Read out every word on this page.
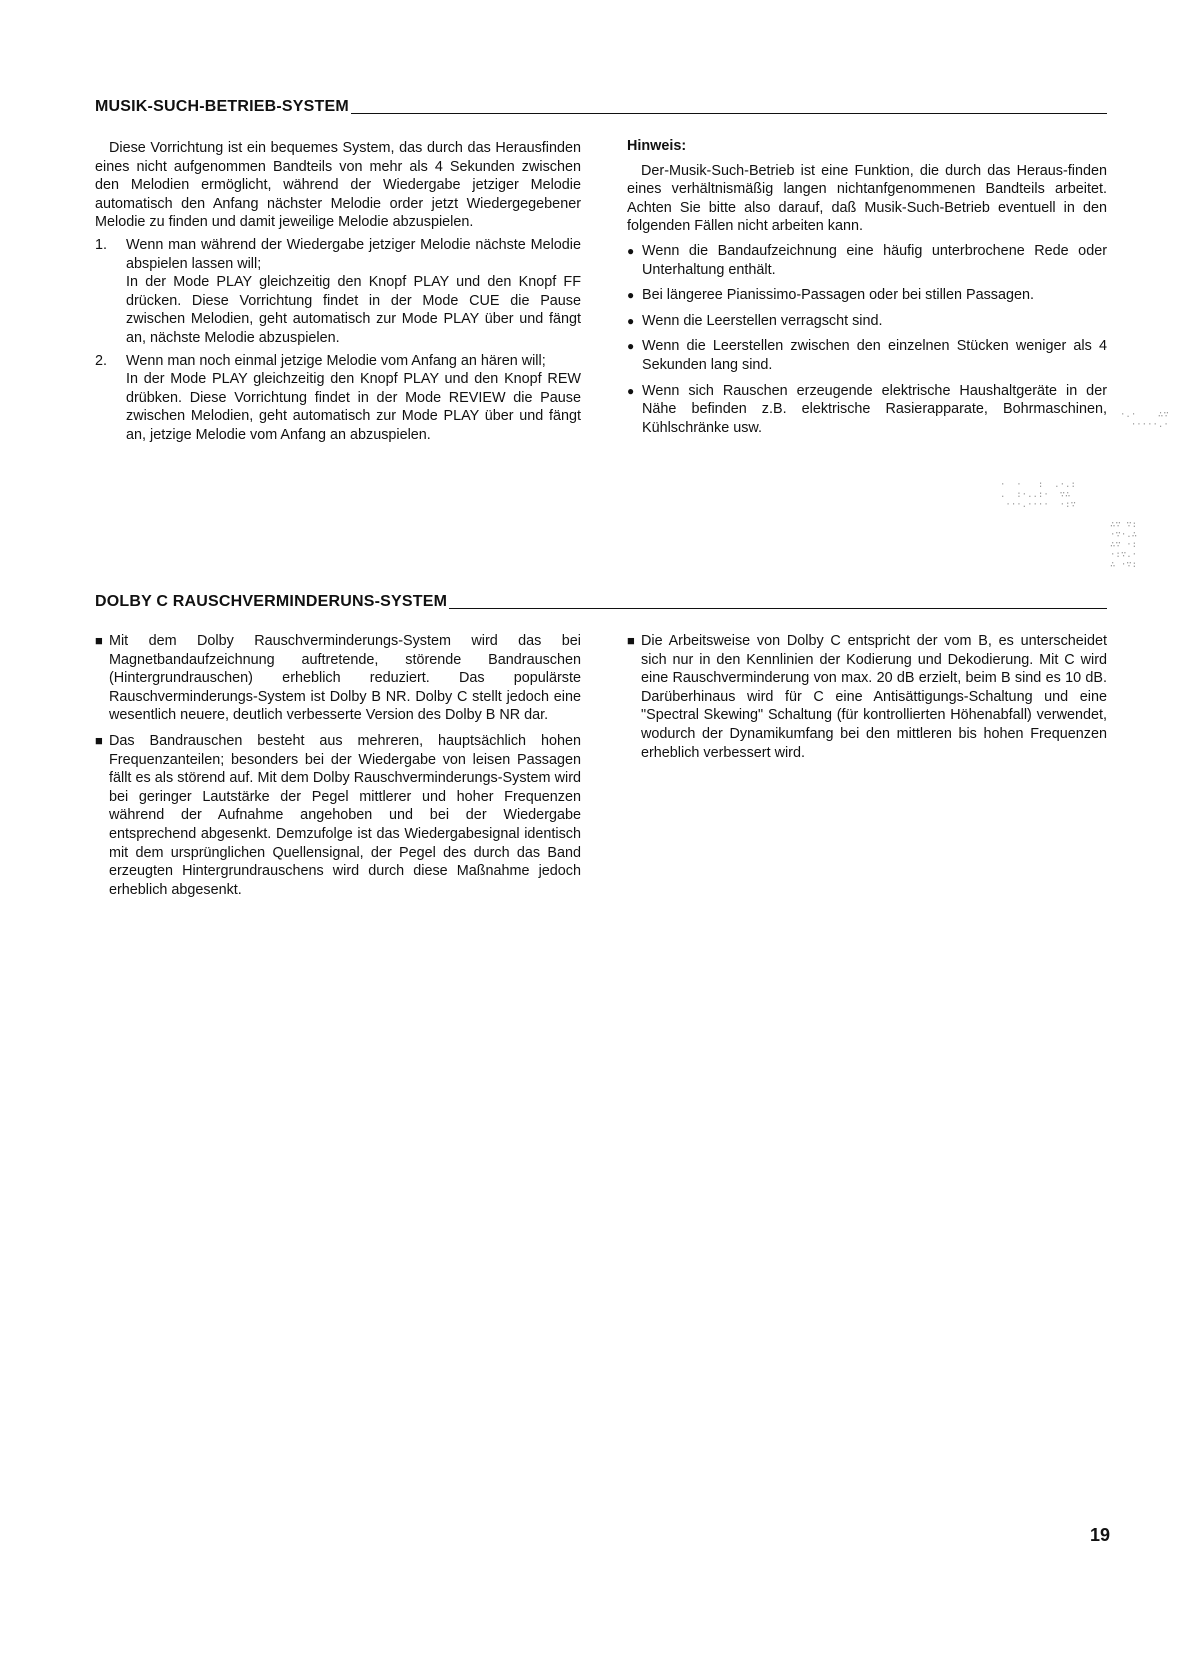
MUSIK-SUCH-BETRIEB-SYSTEM

Diese Vorrichtung ist ein bequemes System, das durch das Herausfinden eines nicht aufgenommen Bandteils von mehr als 4 Sekunden zwischen den Melodien ermöglicht, während der Wiedergabe jetziger Melodie automatisch den Anfang nächster Melodie order jetzt Wiedergegebener Melodie zu finden und damit jeweilige Melodie abzuspielen.

1.	Wenn man während der Wiedergabe jetziger Melodie nächste Melodie abspielen lassen will;
In der Mode PLAY gleichzeitig den Knopf PLAY und den Knopf FF drücken. Diese Vorrichtung findet in der Mode CUE die Pause zwischen Melodien, geht automatisch zur Mode PLAY über und fängt an, nächste Melodie abzuspielen.
2.	Wenn man noch einmal jetzige Melodie vom Anfang an hären will;
In der Mode PLAY gleichzeitig den Knopf PLAY und den Knopf REW drübken. Diese Vorrichtung findet in der Mode REVIEW die Pause zwischen Melodien, geht automatisch zur Mode PLAY über und fängt an, jetzige Melodie vom Anfang an abzuspielen.
Hinweis:

Der-Musik-Such-Betrieb ist eine Funktion, die durch das Heraus-finden eines verhältnismäßig langen nichtanfgenommenen Bandteils arbeitet. Achten Sie bitte also darauf, daß Musik-Such-Betrieb eventuell in den folgenden Fällen nicht arbeiten kann.

● Wenn die Bandaufzeichnung eine häufig unterbrochene Rede oder Unterhaltung enthält.
● Bei längeree Pianissimo-Passagen oder bei stillen Passagen.
● Wenn die Leerstellen verragscht sind.
● Wenn die Leerstellen zwischen den einzelnen Stücken weniger als 4 Sekunden lang sind.
● Wenn sich Rauschen erzeugende elektrische Haushaltgeräte in der Nähe befinden z.B. elektrische Rasierapparate, Bohrmaschinen, Kühlschränke usw.
DOLBY C RAUSCHVERMINDERUNS-SYSTEM
■ Mit dem Dolby Rauschverminderungs-System wird das bei Magnetbandaufzeichnung auftretende, störende Bandrauschen (Hintergrundrauschen) erheblich reduziert. Das populärste Rauschverminderungs-System ist Dolby B NR. Dolby C stellt jedoch eine wesentlich neuere, deutlich verbesserte Version des Dolby B NR dar.
■ Das Bandrauschen besteht aus mehreren, hauptsächlich hohen Frequenzanteilen; besonders bei der Wiedergabe von leisen Passagen fällt es als störend auf. Mit dem Dolby Rauschverminderungs-System wird bei geringer Lautstärke der Pegel mittlerer und hoher Frequenzen während der Aufnahme angehoben und bei der Wiedergabe entsprechend abgesenkt. Demzufolge ist das Wiedergabesignal identisch mit dem ursprünglichen Quellensignal, der Pegel des durch das Band erzeugten Hintergrundrauschens wird durch diese Maßnahme jedoch erheblich abgesenkt.
■ Die Arbeitsweise von Dolby C entspricht der vom B, es unterscheidet sich nur in den Kennlinien der Kodierung und Dekodierung. Mit C wird eine Rauschverminderung von max. 20 dB erzielt, beim B sind es 10 dB. Darüberhinaus wird für C eine Antisättigungs-Schaltung und eine "Spectral Skewing" Schaltung (für kontrollierten Höhenabfall) verwendet, wodurch der Dynamikumfang bei den mittleren bis hohen Frequenzen erheblich verbessert wird.
·.·    ∴∵
·····.·
·  ·   :  .·.:
.  :·..:·  ∵∴
···.····  ·:∵
∴∵ ∵:
·∵·.∴
∴∵ ·:
·:∵.·
∴ ·∵:
19
